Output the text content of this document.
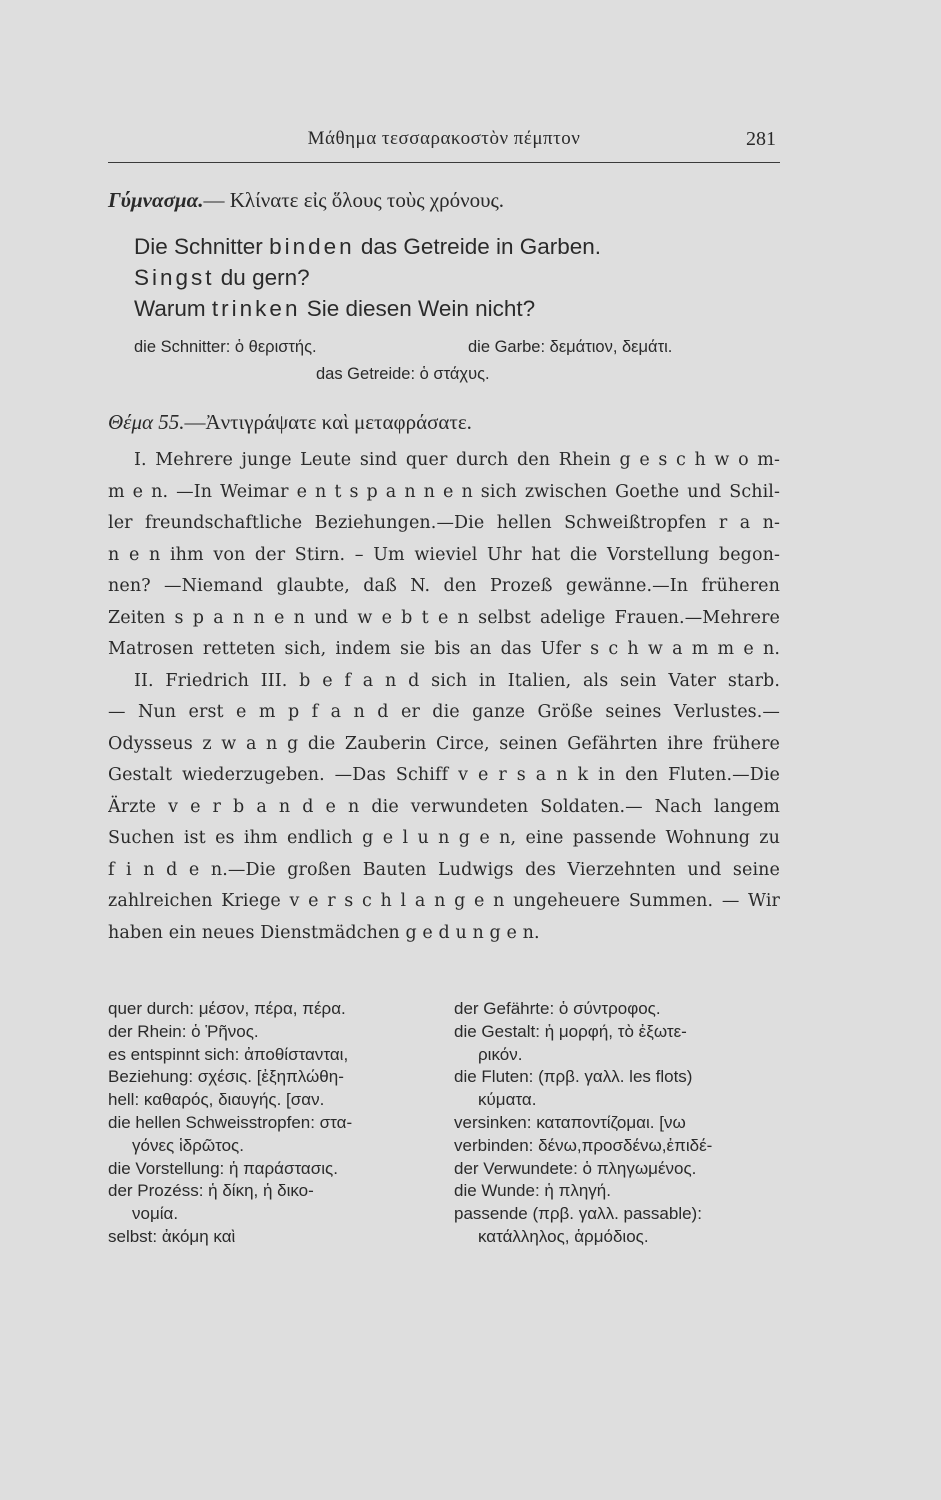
Μάθημα τεσσαρακοστὸν πέμπτον	281
Γύμνασμα.— Κλίνατε εἰς ὅλους τοὺς χρόνους.
Die Schnitter binden das Getreide in Garben.
Singst du gern?
Warum trinken Sie diesen Wein nicht?
die Schnitter: ὁ θεριστής.	die Garbe: δεμάτιον, δεμάτι.
das Getreide: ὁ στάχυς.
Θέμα 55.—Ἀντιγράψατε καὶ μεταφράσατε.
I. Mehrere junge Leute sind quer durch den Rhein g e s c h w o m-
m e n. —In Weimar e n t s p a n n e n sich zwischen Goethe und Schil-
ler freundschaftliche Beziehungen.—Die hellen Schweißtropfen r a n-
n e n ihm von der Stirn. – Um wieviel Uhr hat die Vorstellung begon-
nen? —Niemand glaubte, daß N. den Prozeß gewänne.—In früheren
Zeiten s p a n n e n und w e b t e n selbst adelige Frauen.—Mehrere
Matrosen retteten sich, indem sie bis an das Ufer s c h w a m m e n.
II. Friedrich III. b e f a n d sich in Italien, als sein Vater starb.
— Nun erst e m p f a n d er die ganze Größe seines Verlustes.—
Odysseus z w a n g die Zauberin Circe, seinen Gefährten ihre frühere
Gestalt wiederzugeben. —Das Schiff v e r s a n k in den Fluten.—Die
Ärzte v e r b a n d e n die verwundeten Soldaten.— Nach langem
Suchen ist es ihm endlich g e l u n g e n, eine passende Wohnung zu
f i n d e n.—Die großen Bauten Ludwigs des Vierzehnten und seine
zahlreichen Kriege v e r s c h l a n g e n ungeheuere Summen. — Wir
haben ein neues Dienstmädchen g e d u n g e n.
quer durch: μέσον, πέρα, πέρα.
der Rhein: ὁ Ῥῆνος.
es entspinnt sich: ἀποθίστανται,
Beziehung: σχέσις. [ἐξηπλώθη-
hell: καθαρός, διαυγής. [σαν.
die hellen Schweisstropfen: στα-
γόνες ἱδρῶτος.
die Vorstellung: ἡ παράστασις.
der Prozéss: ἡ δίκη, ἡ δικο-
νομία.
selbst: ἀκόμη καὶ
der Gefährte: ὁ σύντροφος.
die Gestalt: ἡ μορφή, τὸ ἐξωτε-
ρικόν.
die Fluten: (πρβ. γαλλ. les flots)
κύματα.
versinken: καταποντίζομαι. [νω
verbinden: δένω,προσδένω,ἐπιδέ-
der Verwundete: ὁ πληγωμένος.
die Wunde: ἡ πληγή.
passende (πρβ. γαλλ. passable):
κατάλληλος, ἁρμόδιος.
